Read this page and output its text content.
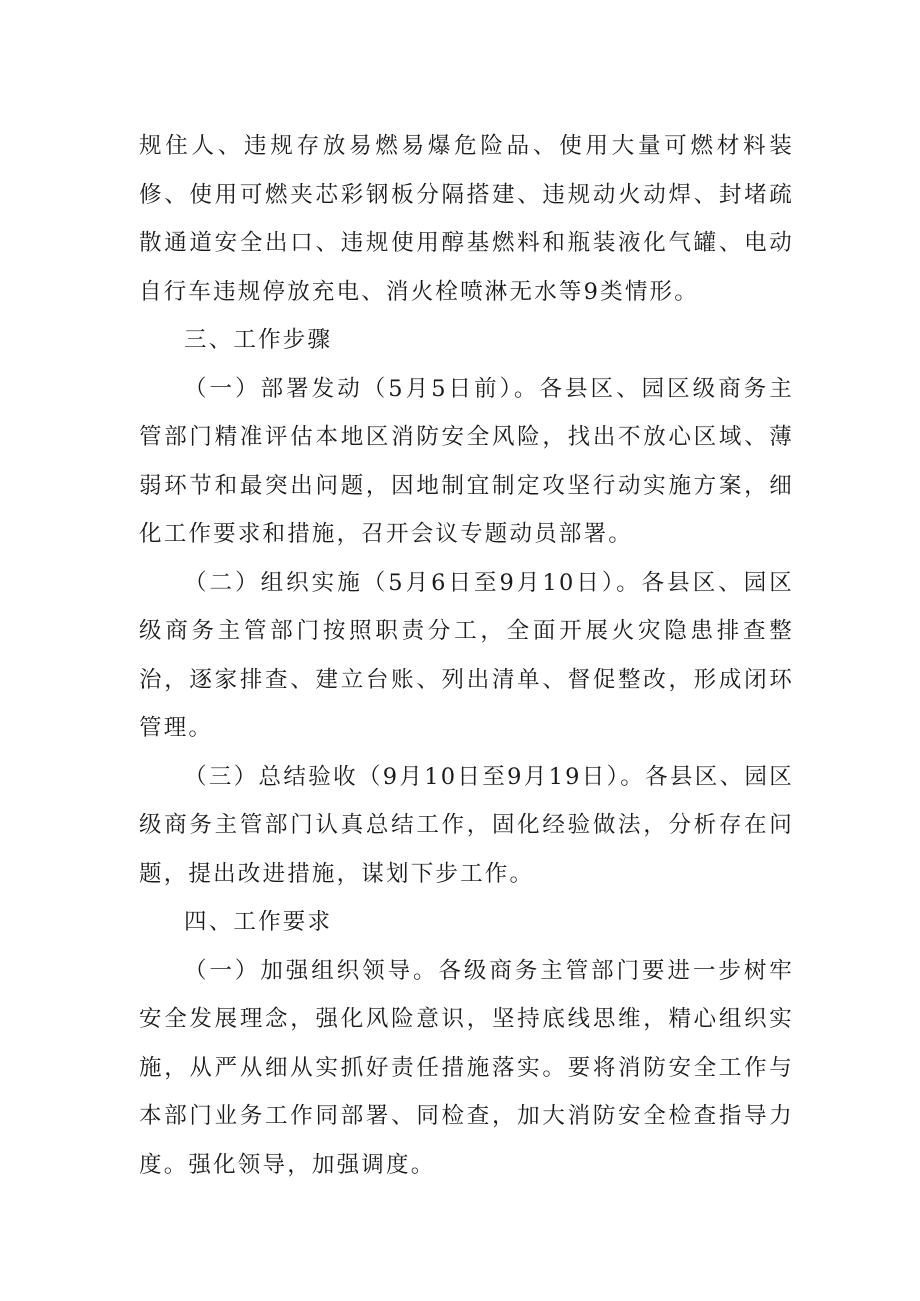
规住人、违规存放易燃易爆危险品、使用大量可燃材料装修、使用可燃夹芯彩钢板分隔搭建、违规动火动焊、封堵疏散通道安全出口、违规使用醇基燃料和瓶装液化气罐、电动自行车违规停放充电、消火栓喷淋无水等9类情形。

三、工作步骤

（一）部署发动（5月5日前）。各县区、园区级商务主管部门精准评估本地区消防安全风险，找出不放心区域、薄弱环节和最突出问题，因地制宜制定攻坚行动实施方案，细化工作要求和措施，召开会议专题动员部署。

（二）组织实施（5月6日至9月10日）。各县区、园区级商务主管部门按照职责分工，全面开展火灾隐患排查整治，逐家排查、建立台账、列出清单、督促整改，形成闭环管理。

（三）总结验收（9月10日至9月19日）。各县区、园区级商务主管部门认真总结工作，固化经验做法，分析存在问题，提出改进措施，谋划下步工作。

四、工作要求

（一）加强组织领导。各级商务主管部门要进一步树牢安全发展理念，强化风险意识，坚持底线思维，精心组织实施，从严从细从实抓好责任措施落实。要将消防安全工作与本部门业务工作同部署、同检查，加大消防安全检查指导力度。强化领导，加强调度。
